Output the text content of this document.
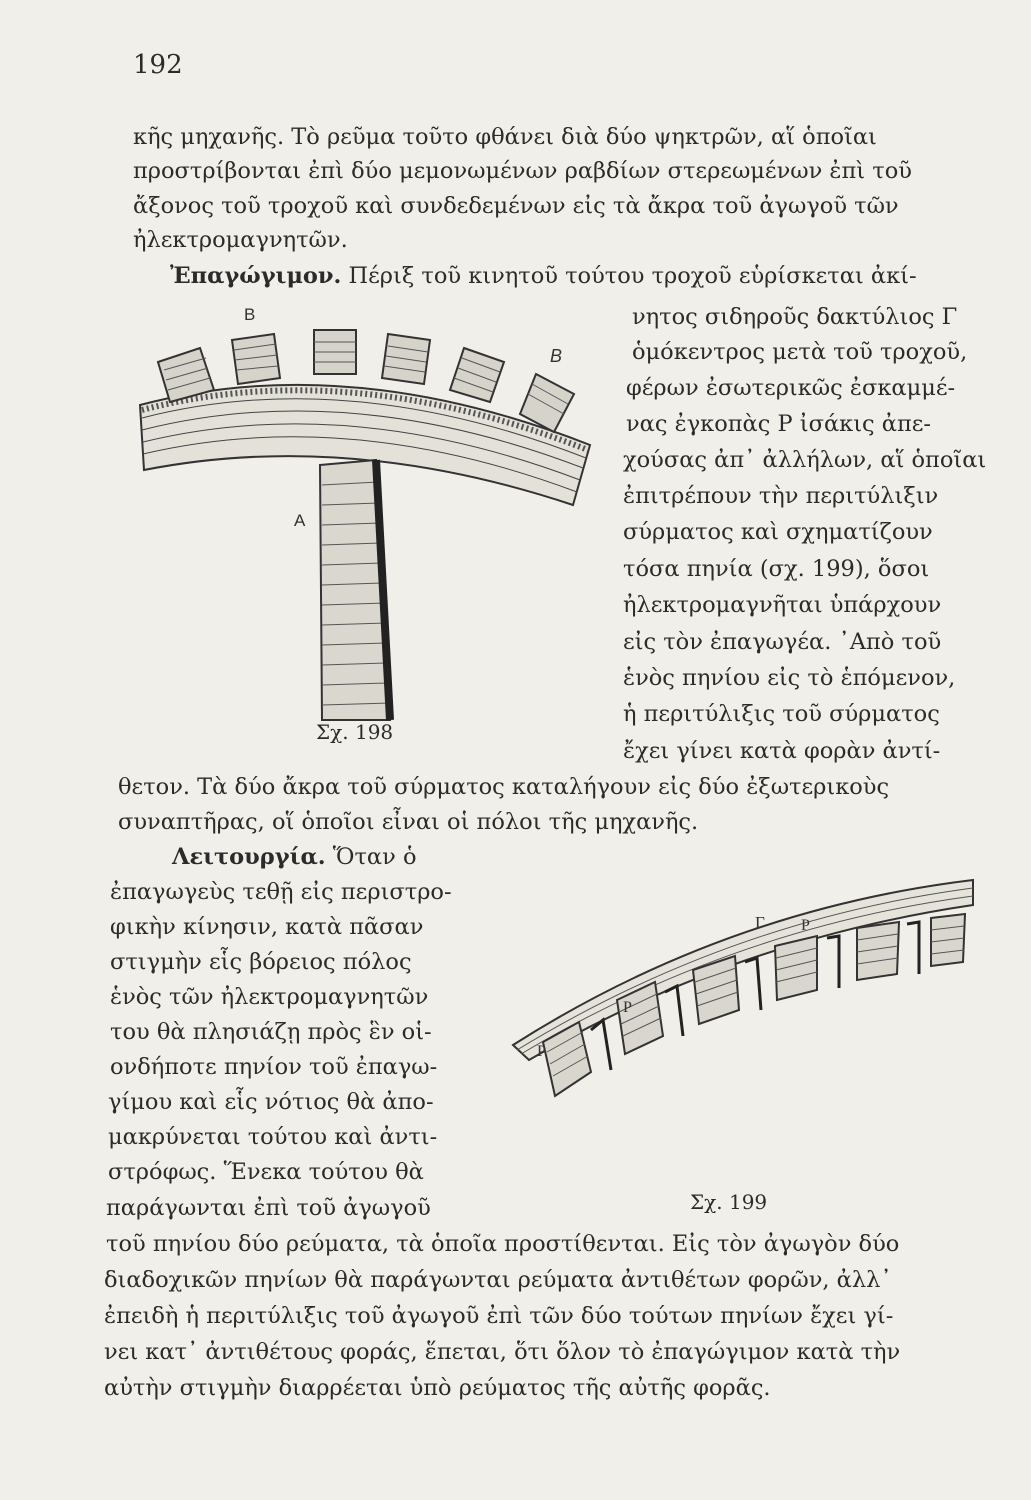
192
κῆς μηχανῆς. Τὸ ρεῦμα τοῦτο φθάνει διὰ δύο ψηκτρῶν, αἵ ὁποῖαι
προστρίβονται ἐπὶ δύο μεμονωμένων ραβδίων στερεωμένων ἐπὶ τοῦ
ἄξονος τοῦ τροχοῦ καὶ συνδεδεμένων εἰς τὰ ἄκρα τοῦ ἀγωγοῦ τῶν
ἠλεκτρομαγνητῶν.
Ἐπαγώγιμον. Πέριξ τοῦ κινητοῦ τούτου τροχοῦ εὑρίσκεται ἀκί-
νητος σιδηροῦς δακτύλιος Γ
ὁμόκεντρος μετὰ τοῦ τροχοῦ,
φέρων ἐσωτερικῶς ἐσκαμμέ-
νας ἐγκοπὰς Ρ ἰσάκις ἀπε-
χούσας ἀπ᾿ ἀλλήλων, αἵ ὁποῖαι
ἐπιτρέπουν τὴν περιτύλιξιν
σύρματος καὶ σχηματίζουν
τόσα πηνία (σχ. 199), ὅσοι
ἠλεκτρομαγνῆται ὑπάρχουν
εἰς τὸν ἐπαγωγέα. ᾿Απὸ τοῦ
ἑνὸς πηνίου εἰς τὸ ἑπόμενον,
ἡ περιτύλιξις τοῦ σύρματος
ἔχει γίνει κατὰ φορὰν ἀντί-
B
B
A
Σχ. 198
θετον. Τὰ δύο ἄκρα τοῦ σύρματος καταλήγουν εἰς δύο ἐξωτερικοὺς
συναπτῆρας, οἵ ὁποῖοι εἶναι οἱ πόλοι τῆς μηχανῆς.
Λειτουργία. Ὅταν ὁ
ἐπαγωγεὺς τεθῇ εἰς περιστρο-
φικὴν κίνησιν, κατὰ πᾶσαν
στιγμὴν εἷς βόρειος πόλος
ἑνὸς τῶν ἠλεκτρομαγνητῶν
του θὰ πλησιάζῃ πρὸς ἓν οἱ-
ονδήποτε πηνίον τοῦ ἐπαγω-
γίμου καὶ εἷς νότιος θὰ ἀπο-
μακρύνεται τούτου καὶ ἀντι-
στρόφως. Ἕνεκα τούτου θὰ
παράγωνται ἐπὶ τοῦ ἀγωγοῦ
Γ
Ρ
Ρ
Ρ
Σχ. 199
τοῦ πηνίου δύο ρεύματα, τὰ ὁποῖα προστίθενται. Εἰς τὸν ἀγωγὸν δύο
διαδοχικῶν πηνίων θὰ παράγωνται ρεύματα ἀντιθέτων φορῶν, ἀλλ᾿
ἐπειδὴ ἡ περιτύλιξις τοῦ ἀγωγοῦ ἐπὶ τῶν δύο τούτων πηνίων ἔχει γί-
νει κατ᾿ ἀντιθέτους φοράς, ἕπεται, ὅτι ὅλον τὸ ἐπαγώγιμον κατὰ τὴν
αὐτὴν στιγμὴν διαρρέεται ὑπὸ ρεύματος τῆς αὐτῆς φορᾶς.
